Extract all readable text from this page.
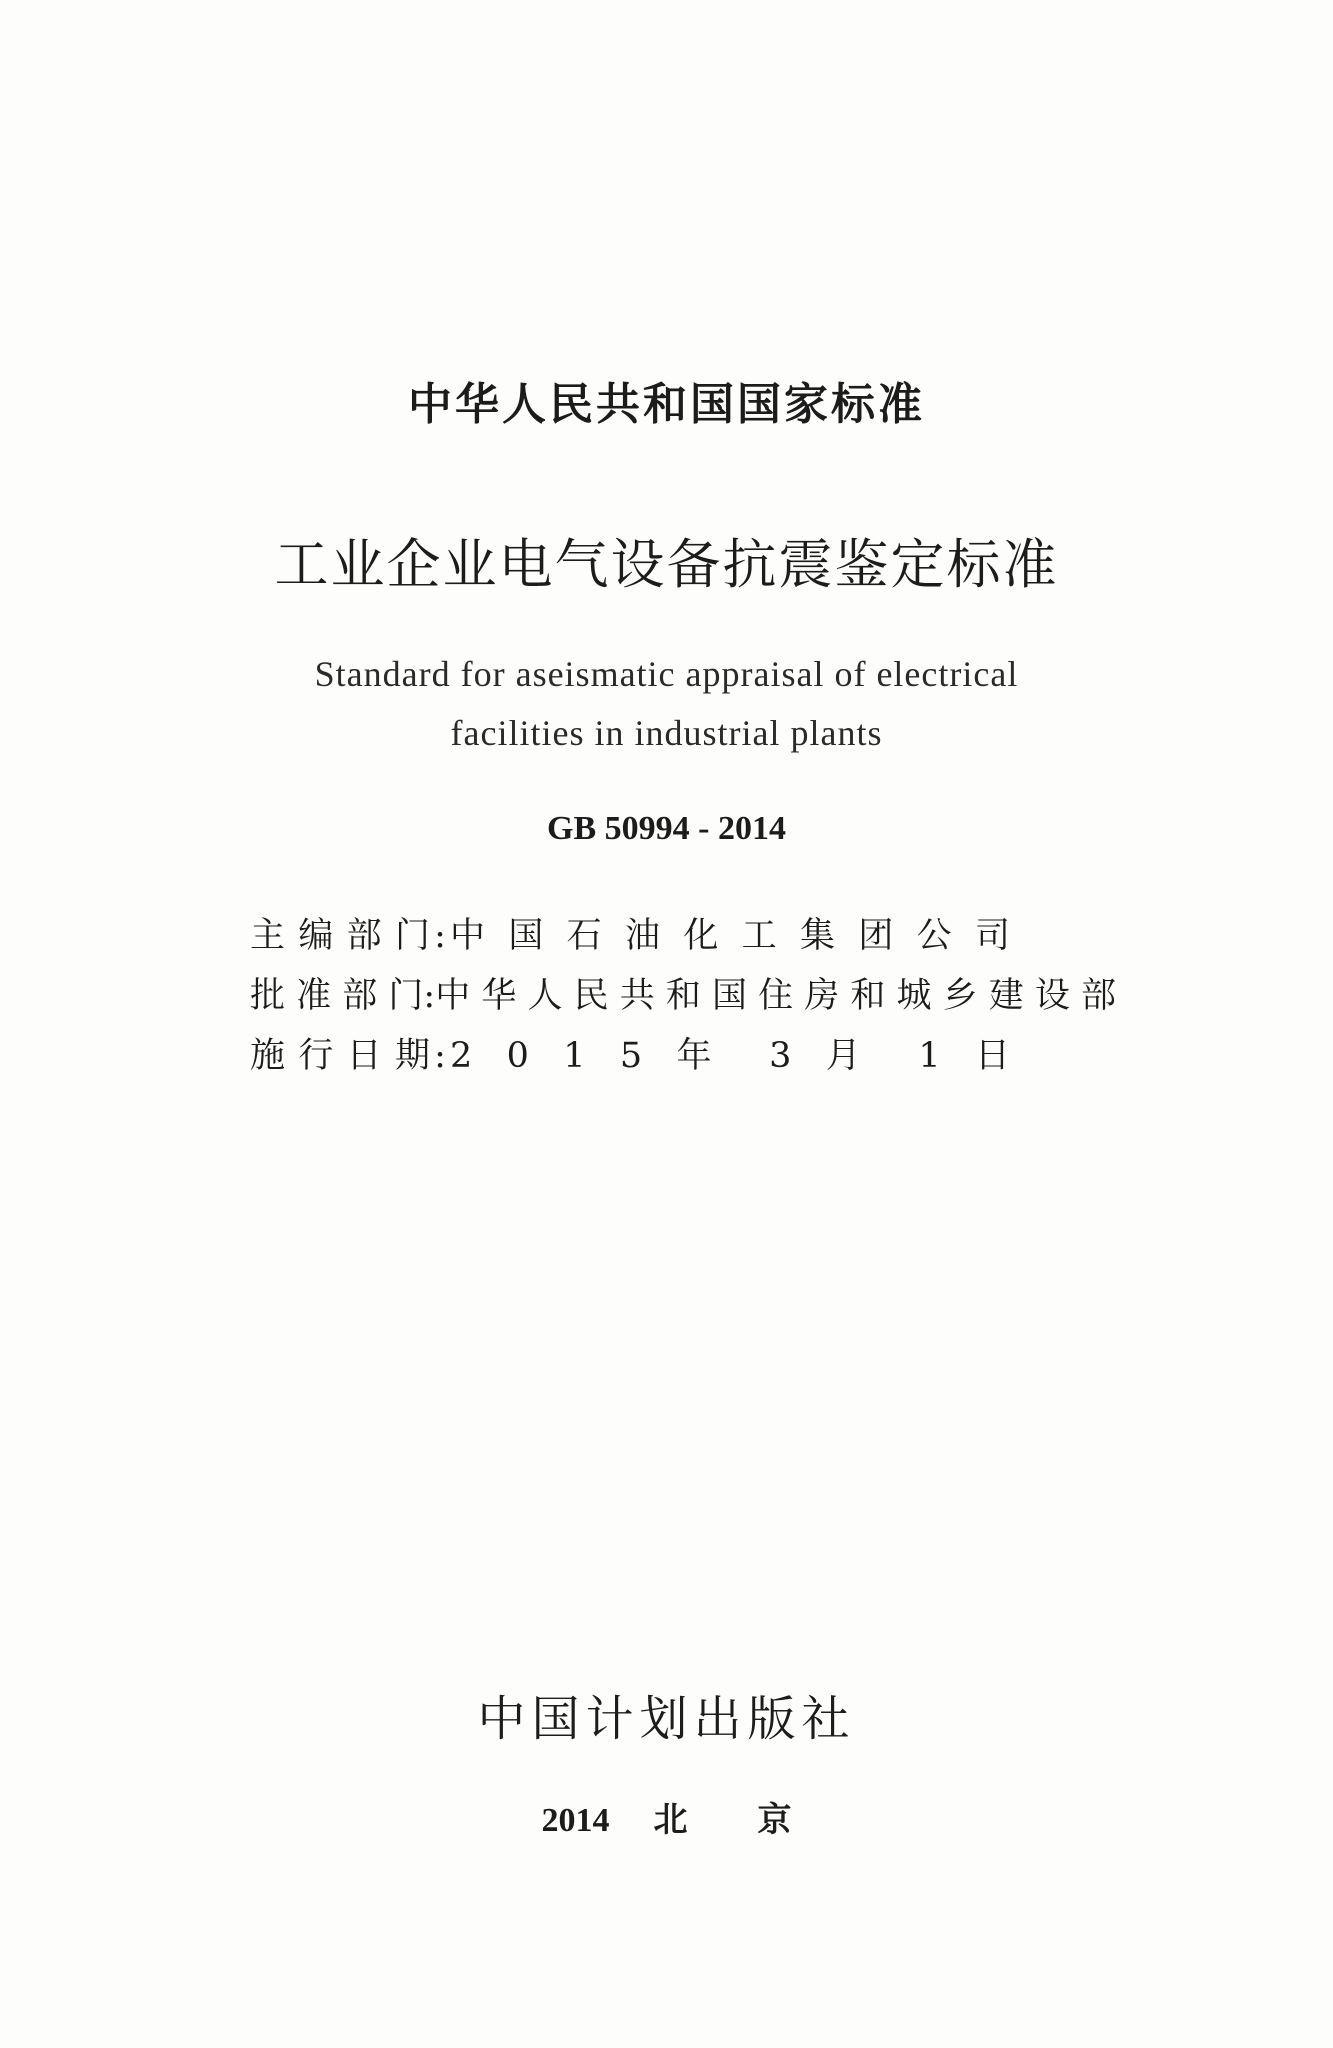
中华人民共和国国家标准
工业企业电气设备抗震鉴定标准
Standard for aseismatic appraisal of electrical
facilities in industrial plants
GB 50994 - 2014
主 编 部 门 : 中 国 石 油 化 工 集 团 公 司
批 准 部 门 : 中 华 人 民 共 和 国 住 房 和 城 乡 建 设 部
施 行 日 期 : 2 0 1 5 年 3 月 1 日
中国计划出版社
2014 北京
